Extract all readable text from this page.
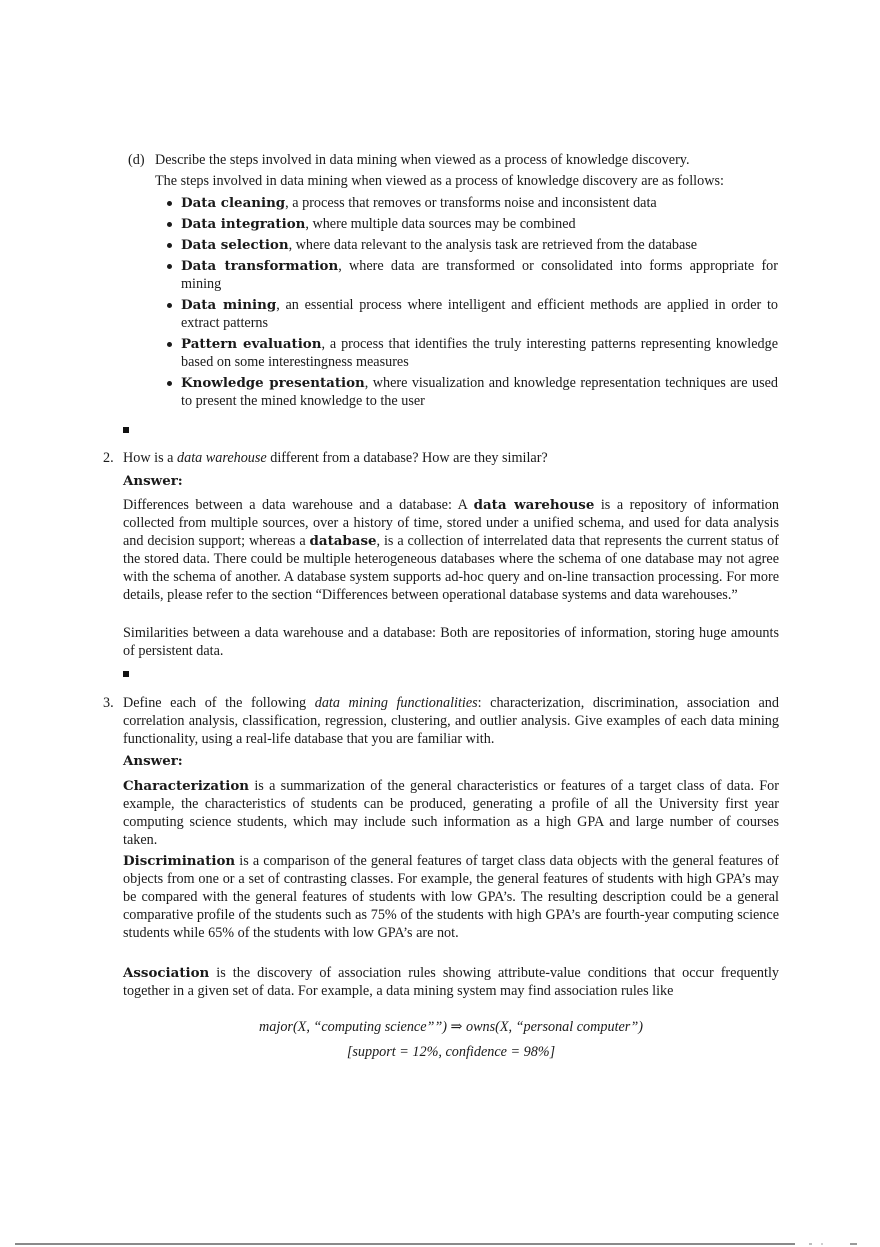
(d) Describe the steps involved in data mining when viewed as a process of knowledge discovery.
The steps involved in data mining when viewed as a process of knowledge discovery are as follows:
Data cleaning, a process that removes or transforms noise and inconsistent data
Data integration, where multiple data sources may be combined
Data selection, where data relevant to the analysis task are retrieved from the database
Data transformation, where data are transformed or consolidated into forms appropriate for mining
Data mining, an essential process where intelligent and efficient methods are applied in order to extract patterns
Pattern evaluation, a process that identifies the truly interesting patterns representing knowledge based on some interestingness measures
Knowledge presentation, where visualization and knowledge representation techniques are used to present the mined knowledge to the user
2. How is a data warehouse different from a database? How are they similar?
Answer:
Differences between a data warehouse and a database: A data warehouse is a repository of information collected from multiple sources, over a history of time, stored under a unified schema, and used for data analysis and decision support; whereas a database, is a collection of interrelated data that represents the current status of the stored data. There could be multiple heterogeneous databases where the schema of one database may not agree with the schema of another. A database system supports ad-hoc query and on-line transaction processing. For more details, please refer to the section “Differences between operational database systems and data warehouses.”
Similarities between a data warehouse and a database: Both are repositories of information, storing huge amounts of persistent data.
3. Define each of the following data mining functionalities: characterization, discrimination, association and correlation analysis, classification, regression, clustering, and outlier analysis. Give examples of each data mining functionality, using a real-life database that you are familiar with.
Answer:
Characterization is a summarization of the general characteristics or features of a target class of data. For example, the characteristics of students can be produced, generating a profile of all the University first year computing science students, which may include such information as a high GPA and large number of courses taken.
Discrimination is a comparison of the general features of target class data objects with the general features of objects from one or a set of contrasting classes. For example, the general features of students with high GPA’s may be compared with the general features of students with low GPA’s. The resulting description could be a general comparative profile of the students such as 75% of the students with high GPA’s are fourth-year computing science students while 65% of the students with low GPA’s are not.
Association is the discovery of association rules showing attribute-value conditions that occur frequently together in a given set of data. For example, a data mining system may find association rules like
major(X, “computing science””) ⇒ owns(X, “personal computer”)
[support = 12%, confidence = 98%]
